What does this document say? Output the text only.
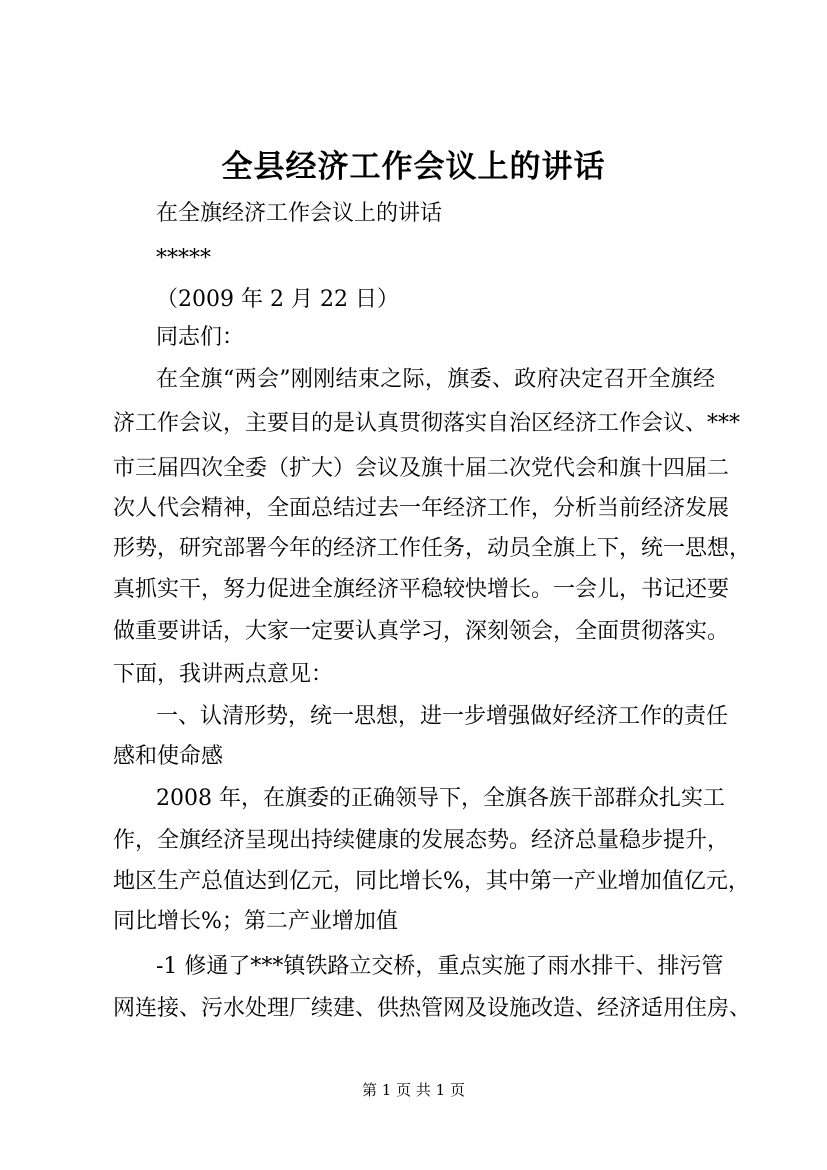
全县经济工作会议上的讲话
在全旗经济工作会议上的讲话
*****
（2009 年 2 月 22 日）
同志们：
在全旗“两会”刚刚结束之际，旗委、政府决定召开全旗经
济工作会议，主要目的是认真贯彻落实自治区经济工作会议、***
市三届四次全委（扩大）会议及旗十届二次党代会和旗十四届二
次人代会精神，全面总结过去一年经济工作，分析当前经济发展
形势，研究部署今年的经济工作任务，动员全旗上下，统一思想，
真抓实干，努力促进全旗经济平稳较快增长。一会儿，书记还要
做重要讲话，大家一定要认真学习，深刻领会，全面贯彻落实。
下面，我讲两点意见：
一、认清形势，统一思想，进一步增强做好经济工作的责任
感和使命感
2008 年，在旗委的正确领导下，全旗各族干部群众扎实工
作，全旗经济呈现出持续健康的发展态势。经济总量稳步提升，
地区生产总值达到亿元，同比增长%，其中第一产业增加值亿元，
同比增长%；第二产业增加值
-1 修通了***镇铁路立交桥，重点实施了雨水排干、排污管
网连接、污水处理厂续建、供热管网及设施改造、经济适用住房、
第 1 页 共 1 页
